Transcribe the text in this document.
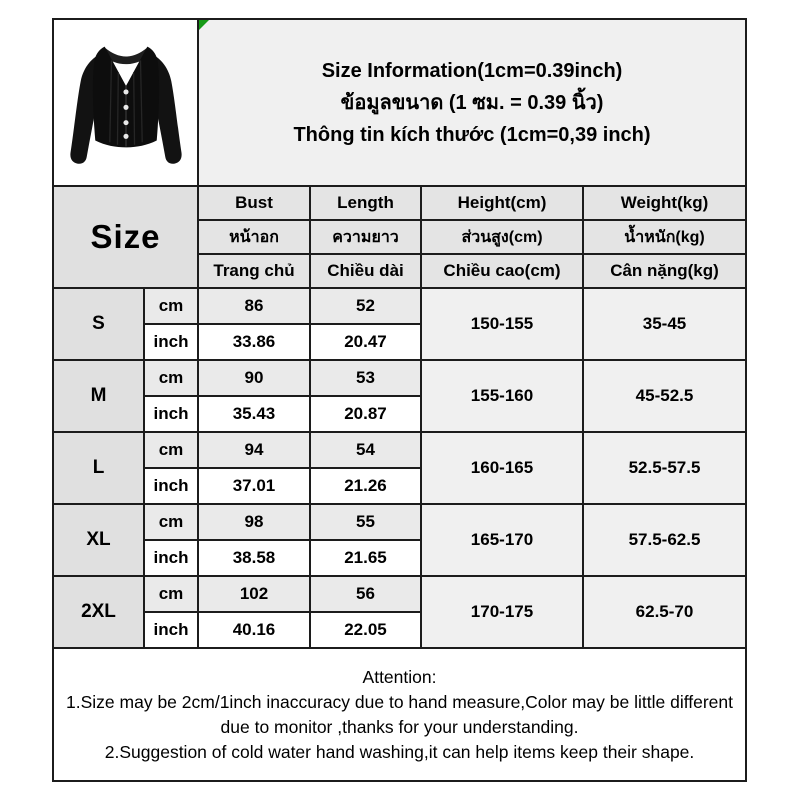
Size Information(1cm=0.39inch)
ข้อมูลขนาด (1 ซม. = 0.39 นิ้ว)
Thông tin kích thước (1cm=0,39 inch)			

Size		Bust	Length	Height(cm)	Weight(kg)
		หน้าอก	ความยาว	ส่วนสูง(cm)	น้ำหนัก(kg)
		Trang chủ	Chiều dài	Chiều cao(cm)	Cân nặng(kg)
S	cm	86	52	150-155	35-45
	inch	33.86	20.47		
M	cm	90	53	155-160	45-52.5
	inch	35.43	20.87		
L	cm	94	54	160-165	52.5-57.5
	inch	37.01	21.26		
XL	cm	98	55	165-170	57.5-62.5
	inch	38.58	21.65		
2XL	cm	102	56	170-175	62.5-70
	inch	40.16	22.05		

Attention:
1.Size may be 2cm/1inch inaccuracy due to hand measure,Color may be little different due to monitor ,thanks for your understanding.
2.Suggestion of cold water hand washing,it can help items keep their shape.					
